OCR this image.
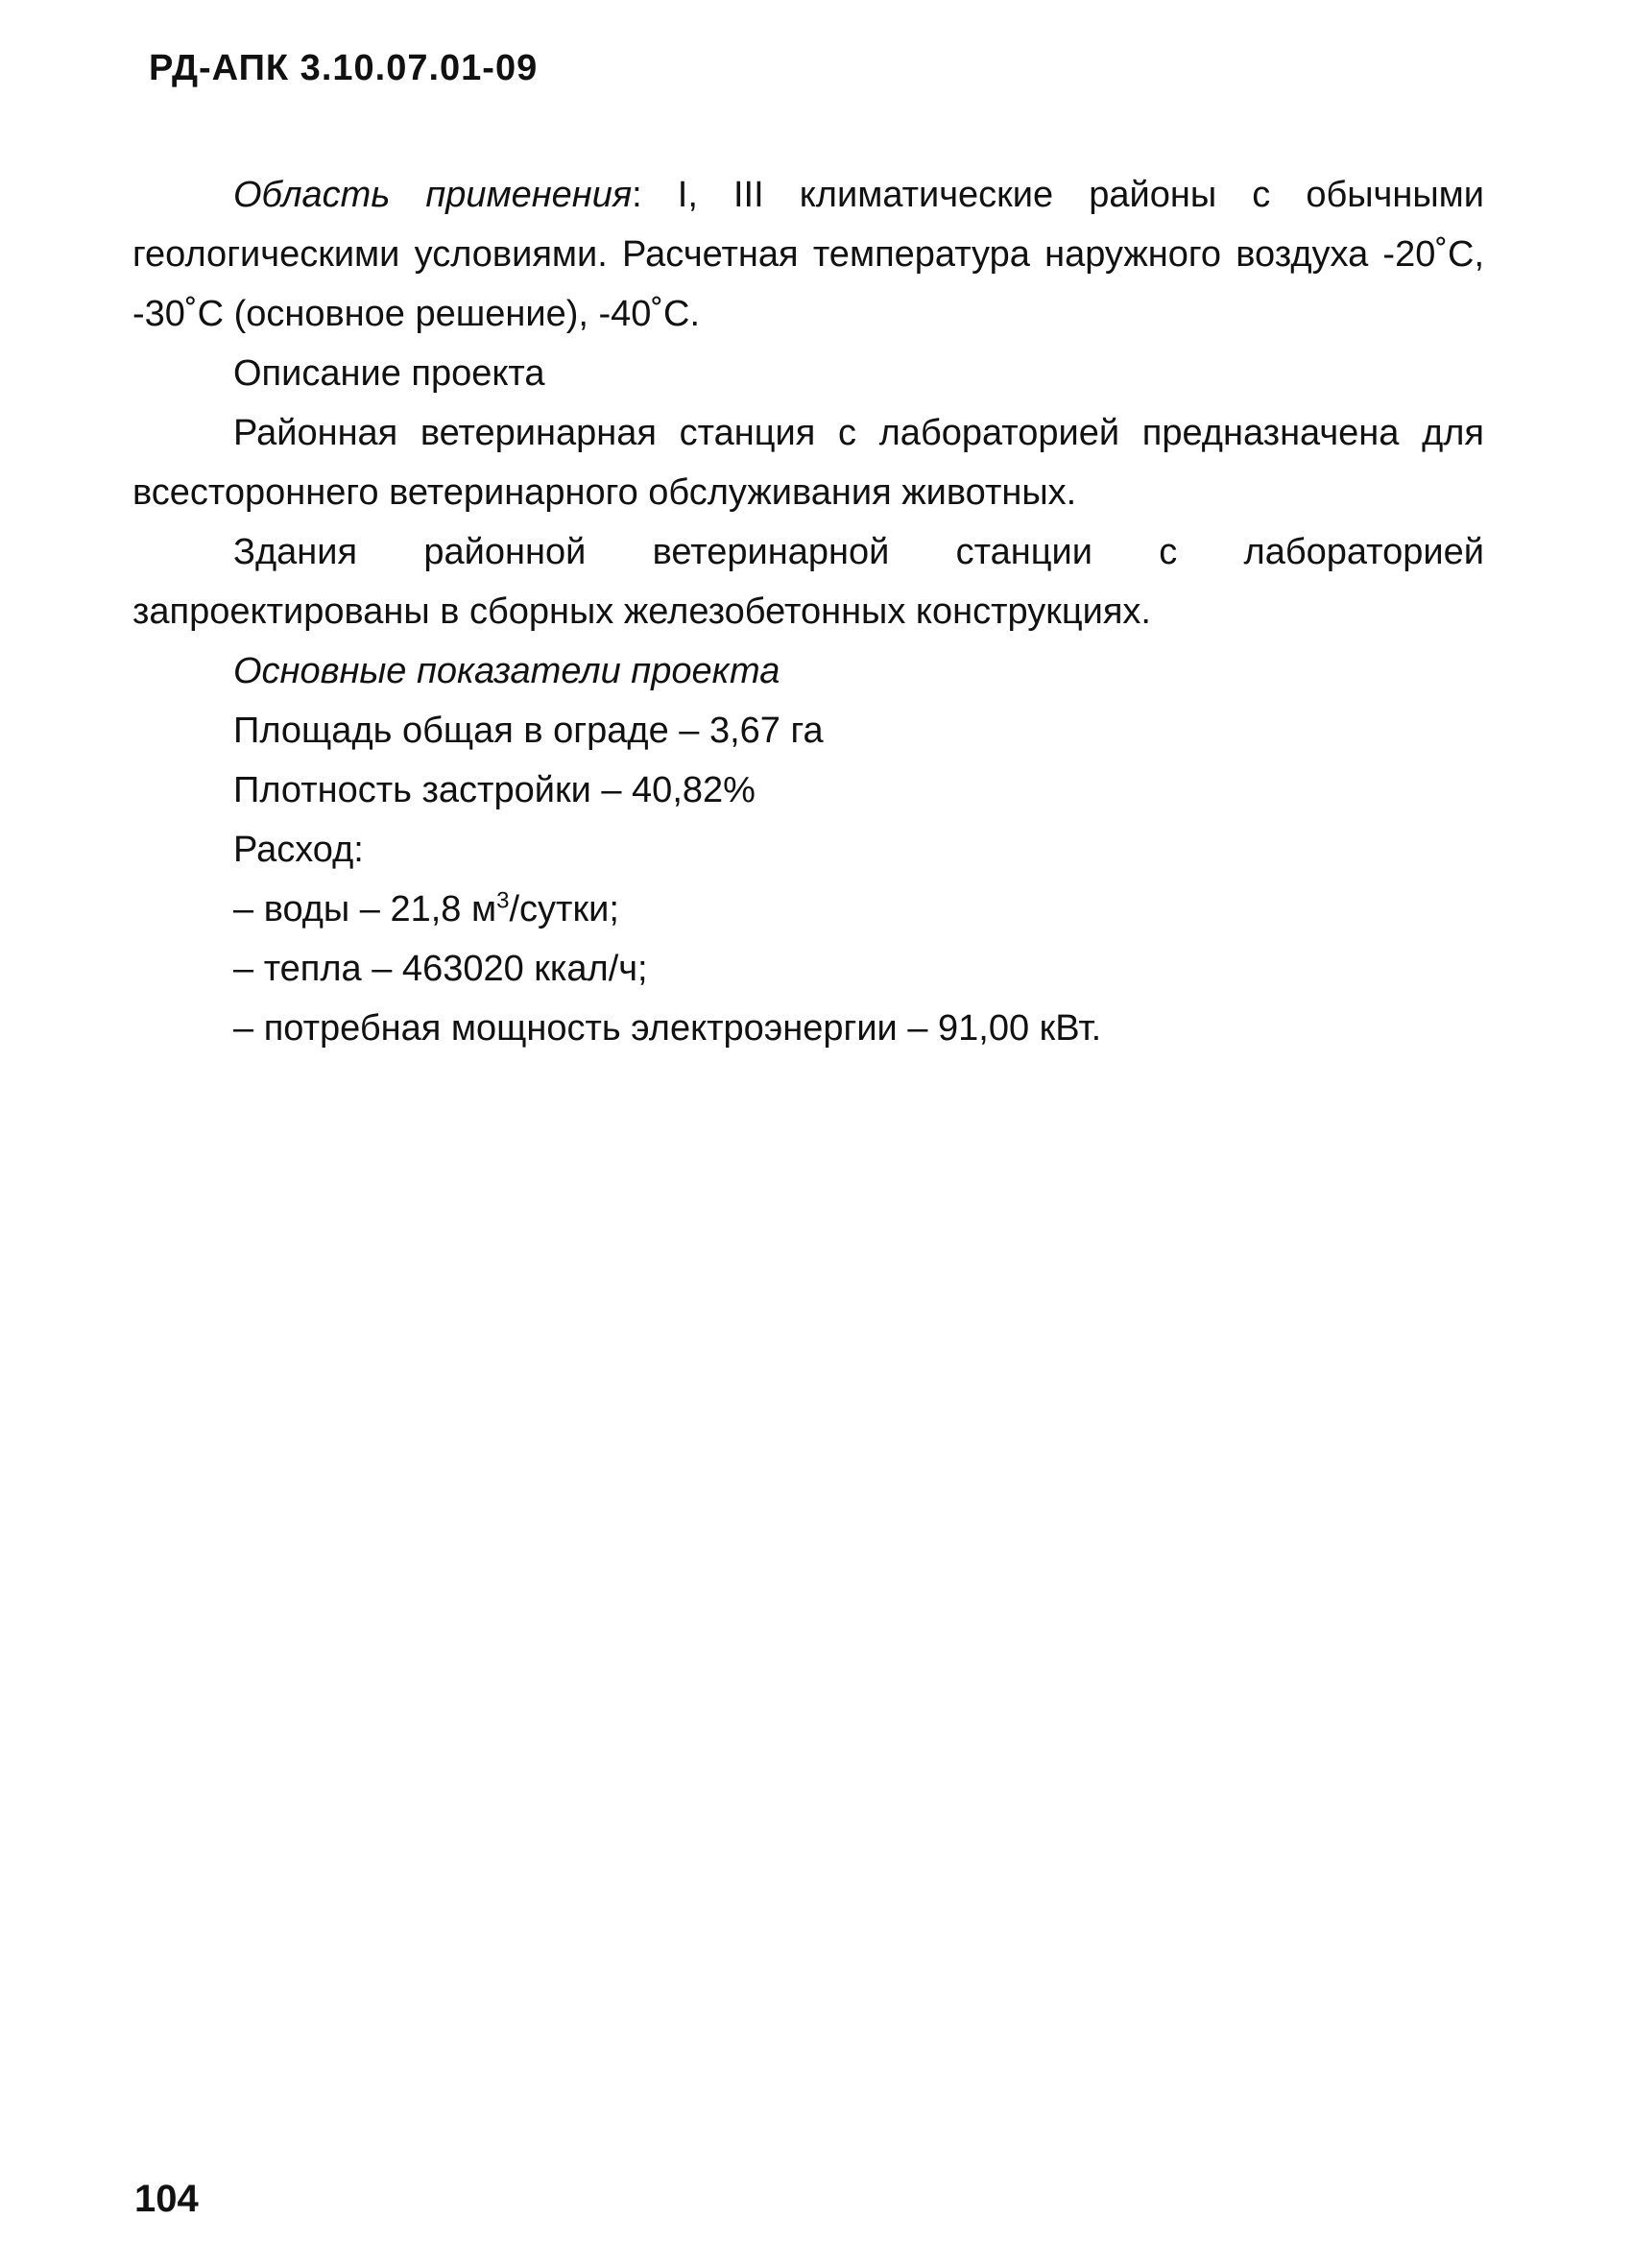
РД-АПК 3.10.07.01-09

Область применения: I, III климатические районы с обычными геологическими условиями. Расчетная температура наружного воздуха -20˚С, -30˚С (основное решение), -40˚С.

Описание проекта

Районная ветеринарная станция с лабораторией предназначена для всестороннего ветеринарного обслуживания животных.

Здания районной ветеринарной станции с лабораторией запроектированы в сборных железобетонных конструкциях.

Основные показатели проекта

Площадь общая в ограде – 3,67 га

Плотность застройки – 40,82%

Расход:

– воды – 21,8 $м^3$/сутки;

– тепла – 463020 ккал/ч;

– потребная мощность электроэнергии – 91,00 кВт.

104
